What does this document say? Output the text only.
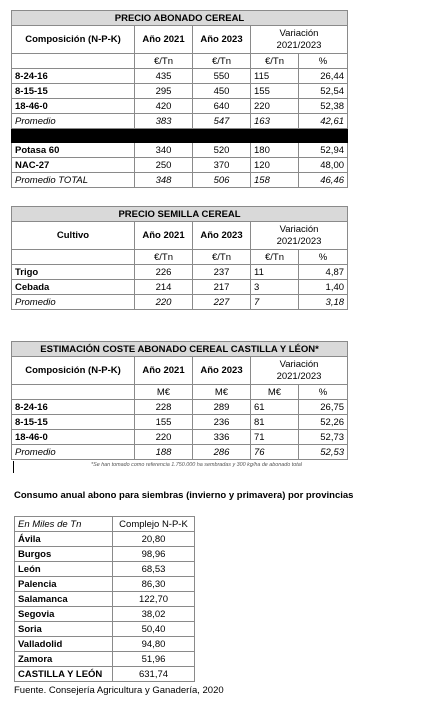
PRECIO ABONADO CEREAL				
Composición (N-P-K)	Año 2021	Año 2023	Variación
2021/2023	

	€/Tn	€/Tn	€/Tn	%
8-24-16	435	550	115	26,44
8-15-15	295	450	155	52,54
18-46-0	420	640	220	52,38
Promedio	383	547	163	42,61

Potasa 60	340	520	180	52,94
NAC-27	250	370	120	48,00
Promedio TOTAL	348	506	158	46,46
PRECIO SEMILLA CEREAL				
Cultivo	Año 2021	Año 2023	Variación
2021/2023	

	€/Tn	€/Tn	€/Tn	%
Trigo	226	237	11	4,87
Cebada	214	217	3	1,40
Promedio	220	227	7	3,18
ESTIMACIÓN COSTE ABONADO CEREAL CASTILLA Y LÉON*				
Composición (N-P-K)	Año 2021	Año 2023	Variación
2021/2023	

	M€	M€	M€	%
8-24-16	228	289	61	26,75
8-15-15	155	236	81	52,26
18-46-0	220	336	71	52,73
Promedio	188	286	76	52,53
*Se han tomado como referencia 1.750.000 ha sembradas y 300 kg/ha de abonado total
Consumo anual abono para siembras (invierno y primavera) por provincias
En Miles de Tn	Complejo N-P-K
Ávila	20,80
Burgos	98,96
León	68,53
Palencia	86,30
Salamanca	122,70
Segovia	38,02
Soria	50,40
Valladolid	94,80
Zamora	51,96
CASTILLA Y LEÓN	631,74
Fuente. Consejería Agricultura y Ganadería, 2020
